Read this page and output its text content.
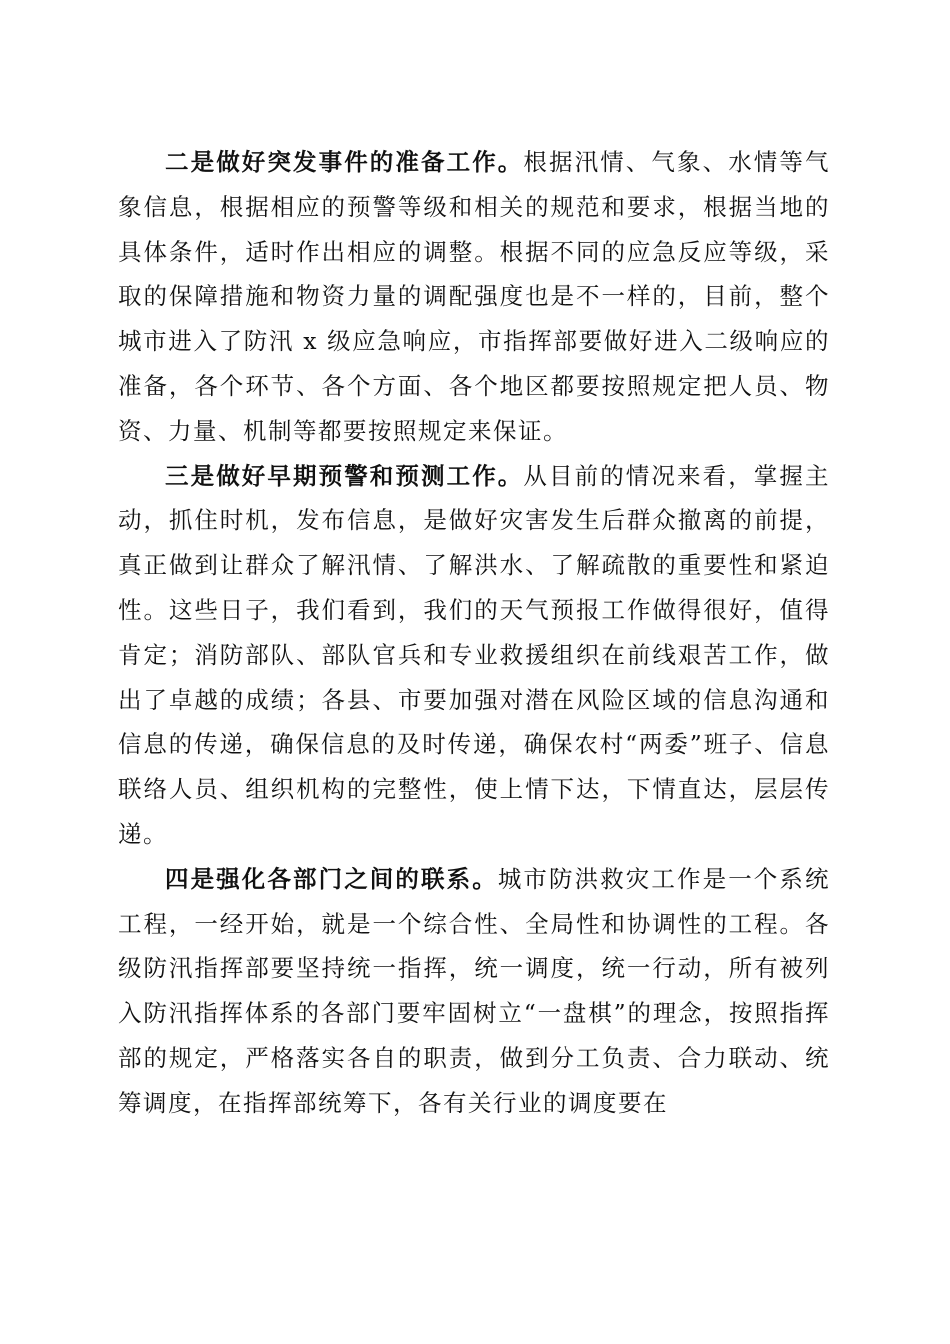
二是做好突发事件的准备工作。根据汛情、气象、水情等气象信息，根据相应的预警等级和相关的规范和要求，根据当地的具体条件，适时作出相应的调整。根据不同的应急反应等级，采取的保障措施和物资力量的调配强度也是不一样的，目前，整个城市进入了防汛 x 级应急响应，市指挥部要做好进入二级响应的准备，各个环节、各个方面、各个地区都要按照规定把人员、物资、力量、机制等都要按照规定来保证。

三是做好早期预警和预测工作。从目前的情况来看，掌握主动，抓住时机，发布信息，是做好灾害发生后群众撤离的前提，真正做到让群众了解汛情、了解洪水、了解疏散的重要性和紧迫性。这些日子，我们看到，我们的天气预报工作做得很好，值得肯定；消防部队、部队官兵和专业救援组织在前线艰苦工作，做出了卓越的成绩；各县、市要加强对潜在风险区域的信息沟通和信息的传递，确保信息的及时传递，确保农村“两委”班子、信息联络人员、组织机构的完整性，使上情下达，下情直达，层层传递。

四是强化各部门之间的联系。城市防洪救灾工作是一个系统工程，一经开始，就是一个综合性、全局性和协调性的工程。各级防汛指挥部要坚持统一指挥，统一调度，统一行动，所有被列入防汛指挥体系的各部门要牢固树立“一盘棋”的理念，按照指挥部的规定，严格落实各自的职责，做到分工负责、合力联动、统筹调度，在指挥部统筹下，各有关行业的调度要在
